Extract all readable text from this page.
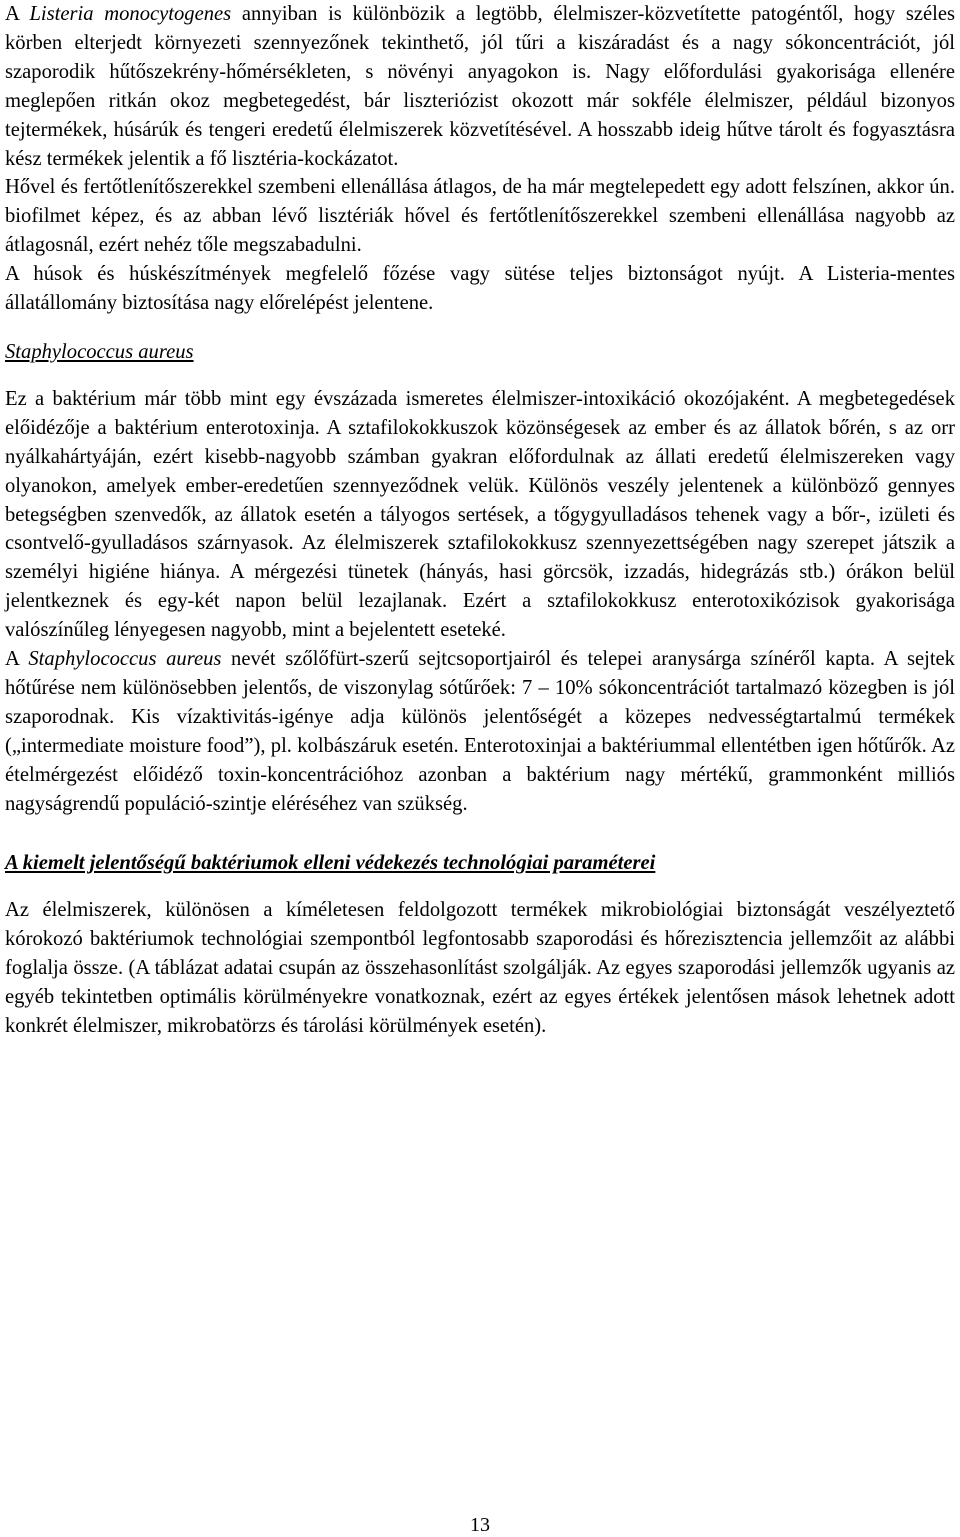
A Listeria monocytogenes annyiban is különbözik a legtöbb, élelmiszer-közvetítette patogéntől, hogy széles körben elterjedt környezeti szennyezőnek tekinthető, jól tűri a kiszáradást és a nagy sókoncentrációt, jól szaporodik hűtőszekrény-hőmérsékleten, s növényi anyagokon is. Nagy előfordulási gyakorisága ellenére meglepően ritkán okoz megbetegedést, bár liszteriózist okozott már sokféle élelmiszer, például bizonyos tejtermékek, húsárúk és tengeri eredetű élelmiszerek közvetítésével. A hosszabb ideig hűtve tárolt és fogyasztásra kész termékek jelentik a fő lisztéria-kockázatot.

Hővel és fertőtlenítőszerekkel szembeni ellenállása átlagos, de ha már megtelepedett egy adott felszínen, akkor ún. biofilmet képez, és az abban lévő lisztériák hővel és fertőtlenítőszerekkel szembeni ellenállása nagyobb az átlagosnál, ezért nehéz tőle megszabadulni.

A húsok és húskészítmények megfelelő főzése vagy sütése teljes biztonságot nyújt. A Listeria-mentes állatállomány biztosítása nagy előrelépést jelentene.

Staphylococcus aureus

Ez a baktérium már több mint egy évszázada ismeretes élelmiszer-intoxikáció okozójaként. A megbetegedések előidézője a baktérium enterotoxinja. A sztafilokokkuszok közönségesek az ember és az állatok bőrén, s az orr nyálkahártyáján, ezért kisebb-nagyobb számban gyakran előfordulnak az állati eredetű élelmiszereken vagy olyanokon, amelyek ember-eredetűen szennyeződnek velük. Különös veszély jelentenek a különböző gennyes betegségben szenvedők, az állatok esetén a tályogos sertések, a tőgygyulladásos tehenek vagy a bőr-, izületi és csontvelő-gyulladásos szárnyasok. Az élelmiszerek sztafilokokkusz szennyezettségében nagy szerepet játszik a személyi higiéne hiánya. A mérgezési tünetek (hányás, hasi görcsök, izzadás, hidegrázás stb.) órákon belül jelentkeznek és egy-két napon belül lezajlanak. Ezért a sztafilokokkusz enterotoxikózisok gyakorisága valószínűleg lényegesen nagyobb, mint a bejelentett eseteké.

A Staphylococcus aureus nevét szőlőfürt-szerű sejtcsoportjairól és telepei aranysárga színéről kapta. A sejtek hőtűrése nem különösebben jelentős, de viszonylag sótűrőek: 7 – 10% sókoncentrációt tartalmazó közegben is jól szaporodnak. Kis vízaktivitás-igénye adja különös jelentőségét a közepes nedvességtartalmú termékek („intermediate moisture food”), pl. kolbászáruk esetén. Enterotoxinjai a baktériummal ellentétben igen hőtűrők. Az ételmérgezést előidéző toxin-koncentrációhoz azonban a baktérium nagy mértékű, grammonként milliós nagyságrendű populáció-szintje eléréséhez van szükség.

A kiemelt jelentőségű baktériumok elleni védekezés technológiai paraméterei

Az élelmiszerek, különösen a kíméletesen feldolgozott termékek mikrobiológiai biztonságát veszélyeztető kórokozó baktériumok technológiai szempontból legfontosabb szaporodási és hőrezisztencia jellemzőit az alábbi foglalja össze. (A táblázat adatai csupán az összehasonlítást szolgálják. Az egyes szaporodási jellemzők ugyanis az egyéb tekintetben optimális körülményekre vonatkoznak, ezért az egyes értékek jelentősen mások lehetnek adott konkrét élelmiszer, mikrobatörzs és tárolási körülmények esetén).

13
